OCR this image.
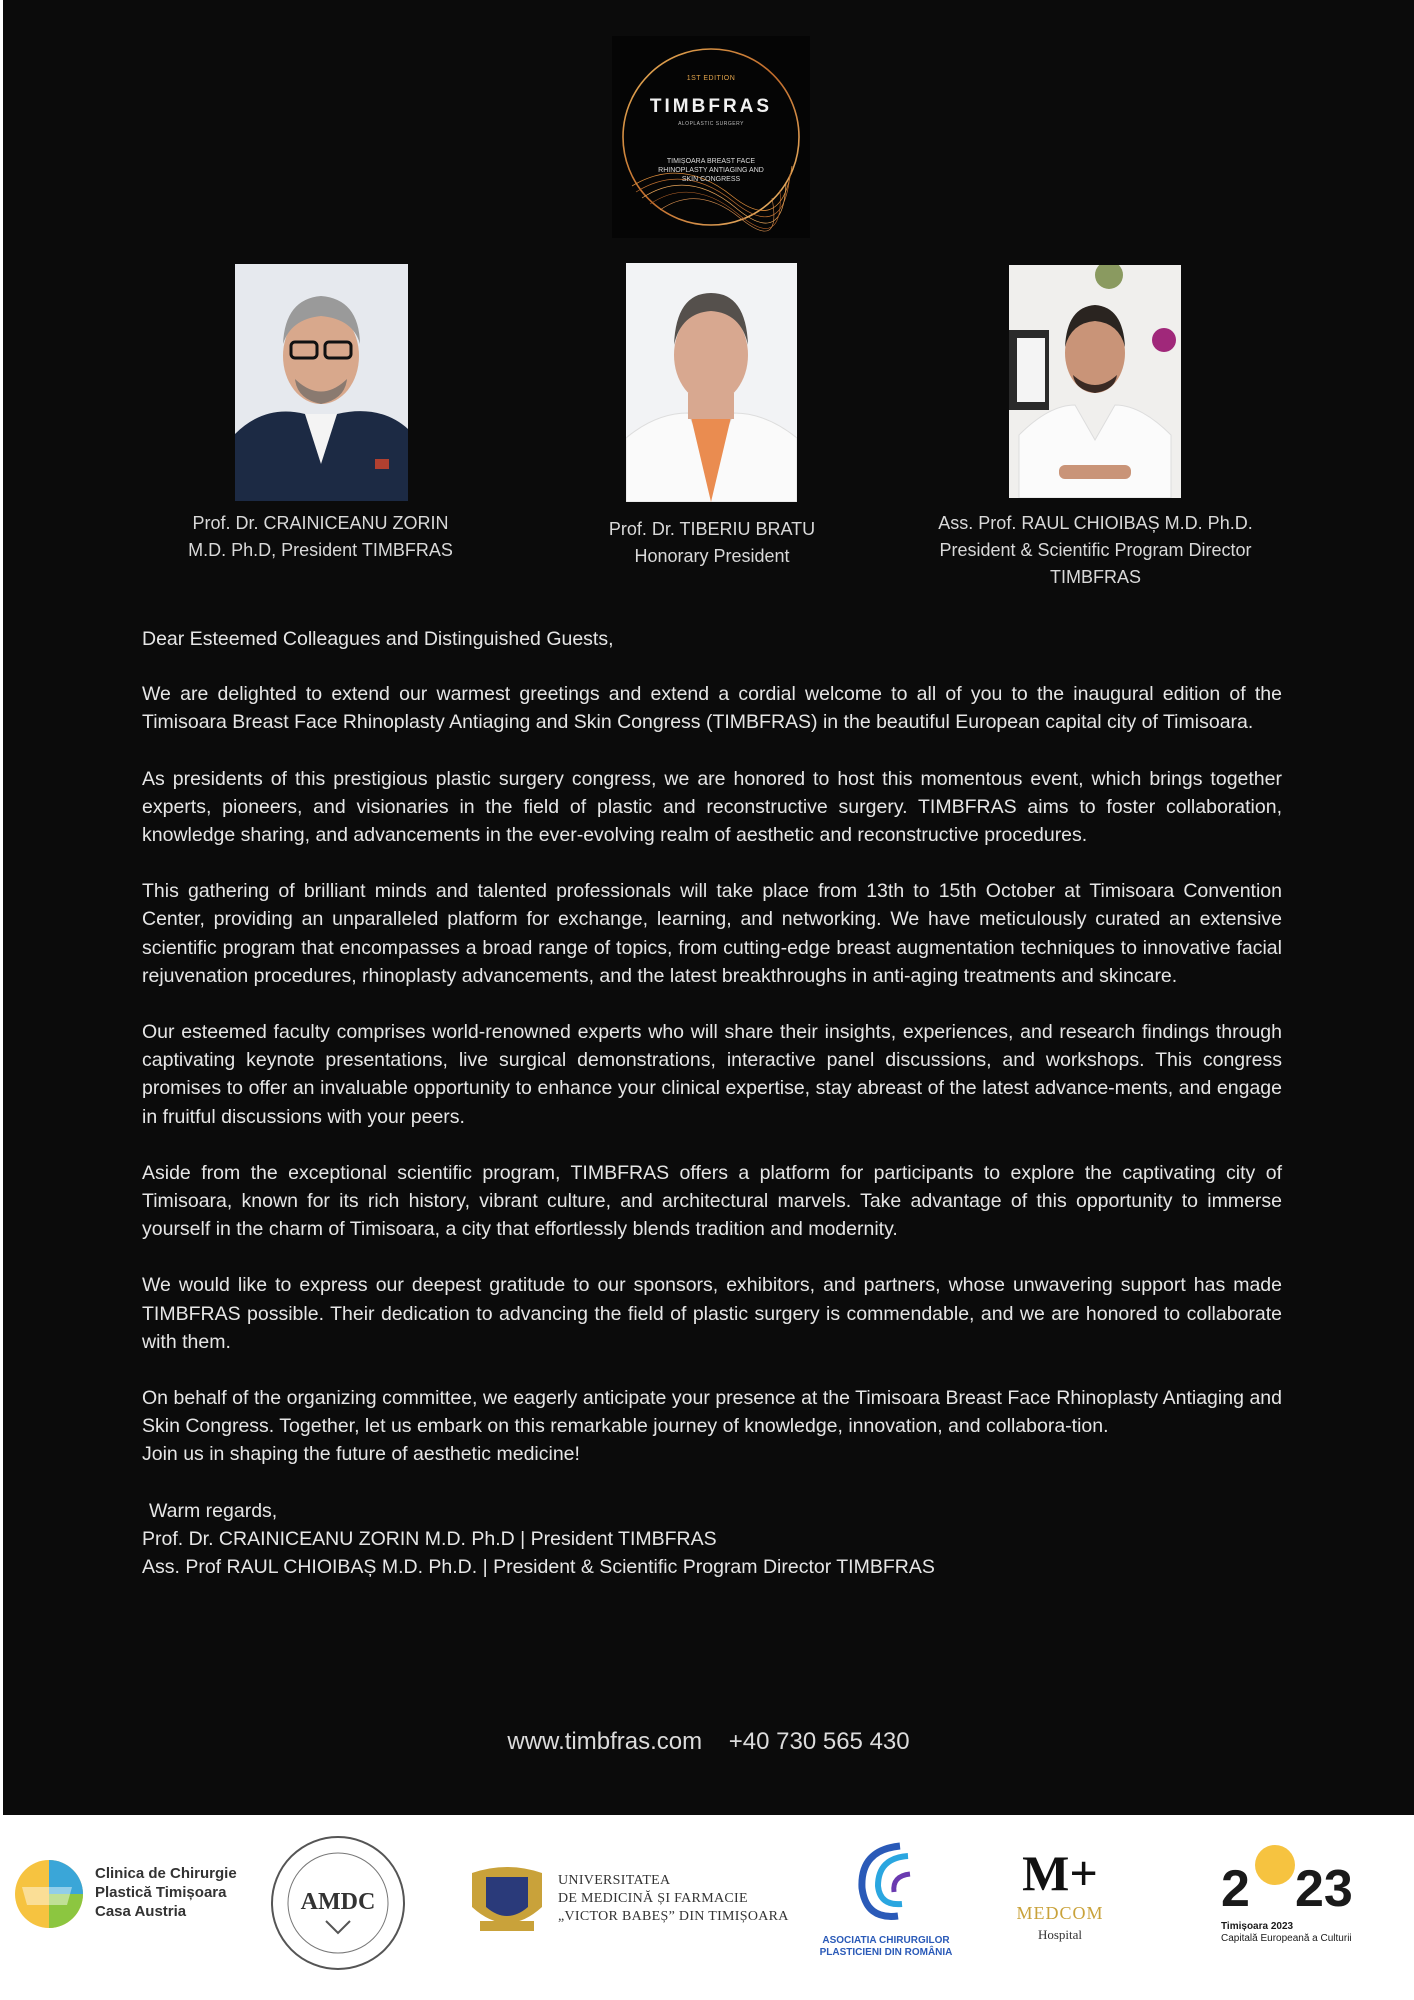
1ST EDITION
TIMBFRAS
ALOPLASTIC SURGERY
TIMIȘOARA BREAST FACE RHINOPLASTY ANTIAGING AND SKIN CONGRESS
Prof. Dr. CRAINICEANU ZORIN
M.D. Ph.D, President TIMBFRAS
Prof. Dr. TIBERIU BRATU
Honorary President
Ass. Prof. RAUL CHIOIBAȘ M.D. Ph.D.
President & Scientific Program Director
TIMBFRAS

Dear Esteemed Colleagues and Distinguished Guests,

We are delighted to extend our warmest greetings and extend a cordial welcome to all of you to the inaugural edition of the Timisoara Breast Face Rhinoplasty Antiaging and Skin Congress (TIMBFRAS) in the beautiful European capital city of Timisoara.

As presidents of this prestigious plastic surgery congress, we are honored to host this momentous event, which brings together experts, pioneers, and visionaries in the field of plastic and reconstructive surgery. TIMBFRAS aims to foster collaboration, knowledge sharing, and advancements in the ever-evolving realm of aesthetic and reconstructive procedures.

This gathering of brilliant minds and talented professionals will take place from 13th to 15th October at Timisoara Convention Center, providing an unparalleled platform for exchange, learning, and networking. We have meticulously curated an extensive scientific program that encompasses a broad range of topics, from cutting-edge breast augmentation techniques to innovative facial rejuvenation procedures, rhinoplasty advancements, and the latest breakthroughs in anti-aging treatments and skincare.

Our esteemed faculty comprises world-renowned experts who will share their insights, experiences, and research findings through captivating keynote presentations, live surgical demonstrations, interactive panel discussions, and workshops. This congress promises to offer an invaluable opportunity to enhance your clinical expertise, stay abreast of the latest advance-ments, and engage in fruitful discussions with your peers.

Aside from the exceptional scientific program, TIMBFRAS offers a platform for participants to explore the captivating city of Timisoara, known for its rich history, vibrant culture, and architectural marvels. Take advantage of this opportunity to immerse yourself in the charm of Timisoara, a city that effortlessly blends tradition and modernity.

We would like to express our deepest gratitude to our sponsors, exhibitors, and partners, whose unwavering support has made TIMBFRAS possible. Their dedication to advancing the field of plastic surgery is commendable, and we are honored to collaborate with them.

On behalf of the organizing committee, we eagerly anticipate your presence at the Timisoara Breast Face Rhinoplasty Antiaging and Skin Congress. Together, let us embark on this remarkable journey of knowledge, innovation, and collabora-tion.

Join us in shaping the future of aesthetic medicine!

Warm regards,
Prof. Dr. CRAINICEANU ZORIN M.D. Ph.D | President TIMBFRAS
Ass. Prof RAUL CHIOIBAȘ M.D. Ph.D. | President & Scientific Program Director TIMBFRAS
www.timbfras.com +40 730 565 430
Clinica de Chirurgie
Plastică Timișoara
Casa Austria	AMDC
UNIVERSITATEA
DE MEDICINĂ ȘI FARMACIE
„VICTOR BABEȘ” DIN TIMIȘOARA
ASOCIATIA CHIRURGILOR
PLASTICIENI DIN ROMÂNIA
M+
MEDCOM
Hospital
2 23
Timișoara 2023
Capitală Europeană a Culturii
